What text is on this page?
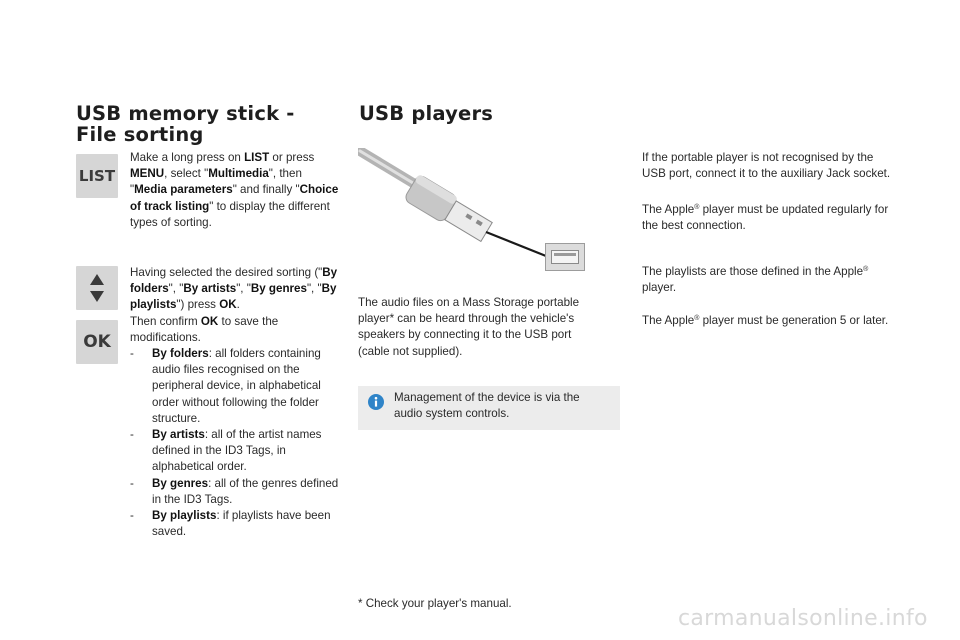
USB memory stick - File sorting
LIST
Make a long press on LIST or press MENU, select "Multimedia", then "Media parameters" and finally "Choice of track listing" to display the different types of sorting.
OK
Having selected the desired sorting ("By folders", "By artists", "By genres", "By playlists") press OK.
Then confirm OK to save the modifications.
- By folders: all folders containing audio files recognised on the peripheral device, in alphabetical order without following the folder structure.
- By artists: all of the artist names defined in the ID3 Tags, in alphabetical order.
- By genres: all of the genres defined in the ID3 Tags.
- By playlists: if playlists have been saved.
USB players
The audio files on a Mass Storage portable player* can be heard through the vehicle's speakers by connecting it to the USB port (cable not supplied).
Management of the device is via the audio system controls.
* Check your player's manual.
If the portable player is not recognised by the USB port, connect it to the auxiliary Jack socket.
The Apple® player must be updated regularly for the best connection.
The playlists are those defined in the Apple® player.
The Apple® player must be generation 5 or later.
carmanualsonline.info
